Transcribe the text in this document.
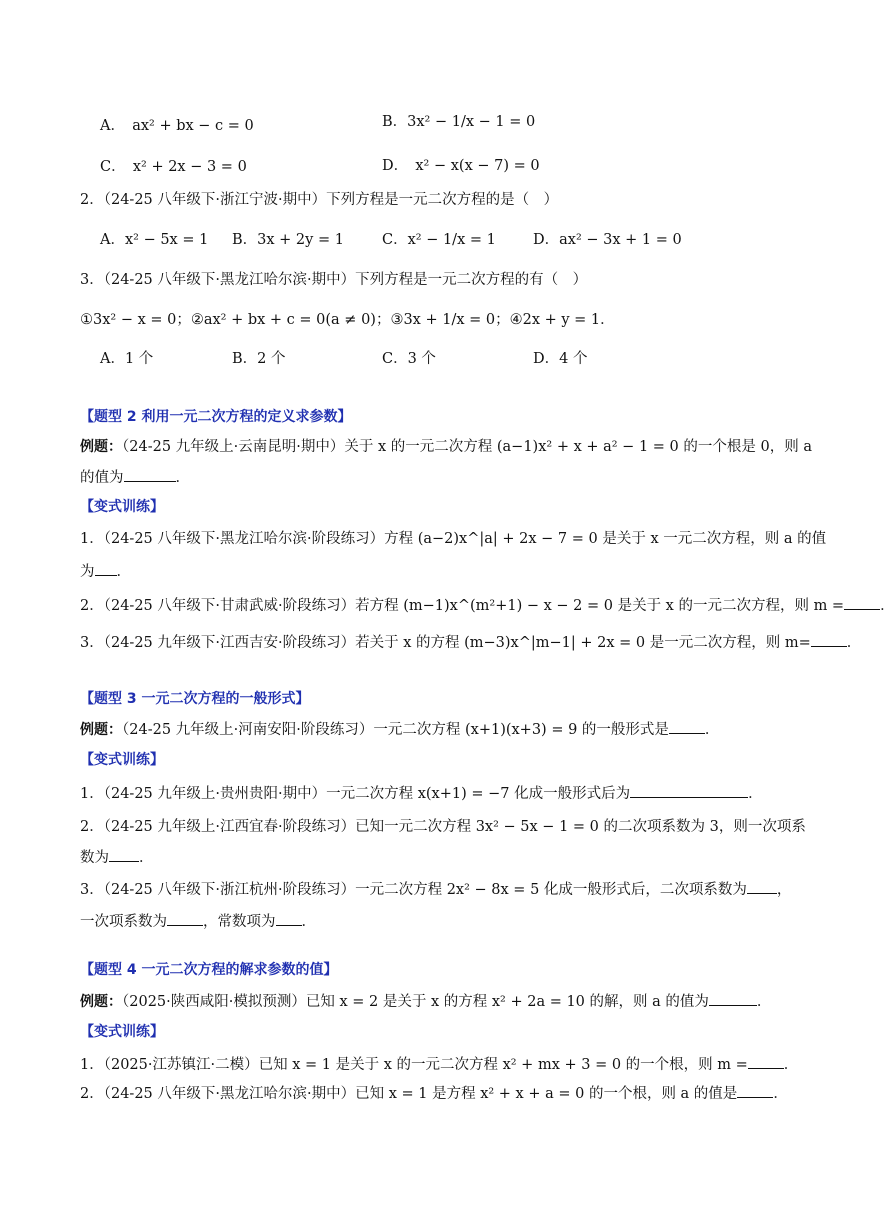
A．　ax² + bx − c = 0	B．3x² − 1/x − 1 = 0
C．　x² + 2x − 3 = 0	D．　x² − x(x − 7) = 0
2．（24-25 八年级下·浙江宁波·期中）下列方程是一元二次方程的是（　）
A．x² − 5x = 1 B．3x + 2y = 1	C．x² − 1/x = 1	D．ax² − 3x + 1 = 0
3．（24-25 八年级下·黑龙江哈尔滨·期中）下列方程是一元二次方程的有（　）
①3x² − x = 0；②ax² + bx + c = 0(a ≠ 0)；③3x + 1/x = 0；④2x + y = 1．
A．1 个	B．2 个	C．3 个	D．4 个
【题型 2 利用一元二次方程的定义求参数】
例题：（24-25 九年级上·云南昆明·期中）关于 x 的一元二次方程 (a−1)x² + x + a² − 1 = 0 的一个根是 0，则 a
的值为	．
【变式训练】
1．（24-25 八年级下·黑龙江哈尔滨·阶段练习）方程 (a−2)x^|a| + 2x − 7 = 0 是关于 x 一元二次方程，则 a 的值
为 ．
2．（24-25 八年级下·甘肃武威·阶段练习）若方程 (m−1)x^(m²+1) − x − 2 = 0 是关于 x 的一元二次方程，则 m = ．
3．（24-25 九年级下·江西吉安·阶段练习）若关于 x 的方程 (m−3)x^|m−1| + 2x = 0 是一元二次方程，则 m= ．
【题型 3 一元二次方程的一般形式】
例题：（24-25 九年级上·河南安阳·阶段练习）一元二次方程 (x+1)(x+3) = 9 的一般形式是 ．
【变式训练】
1．（24-25 九年级上·贵州贵阳·期中）一元二次方程 x(x+1) = −7 化成一般形式后为	．
2．（24-25 九年级上·江西宜春·阶段练习）已知一元二次方程 3x² − 5x − 1 = 0 的二次项系数为 3，则一次项系
数为 ．
3．（24-25 八年级下·浙江杭州·阶段练习）一元二次方程 2x² − 8x = 5 化成一般形式后，二次项系数为 ，
一次项系数为 ，常数项为 ．
【题型 4 一元二次方程的解求参数的值】
例题：（2025·陕西咸阳·模拟预测）已知 x = 2 是关于 x 的方程 x² + 2a = 10 的解，则 a 的值为	．
【变式训练】
1．（2025·江苏镇江·二模）已知 x = 1 是关于 x 的一元二次方程 x² + mx + 3 = 0 的一个根，则 m = ．
2．（24-25 八年级下·黑龙江哈尔滨·期中）已知 x = 1 是方程 x² + x + a = 0 的一个根，则 a 的值是 ．
